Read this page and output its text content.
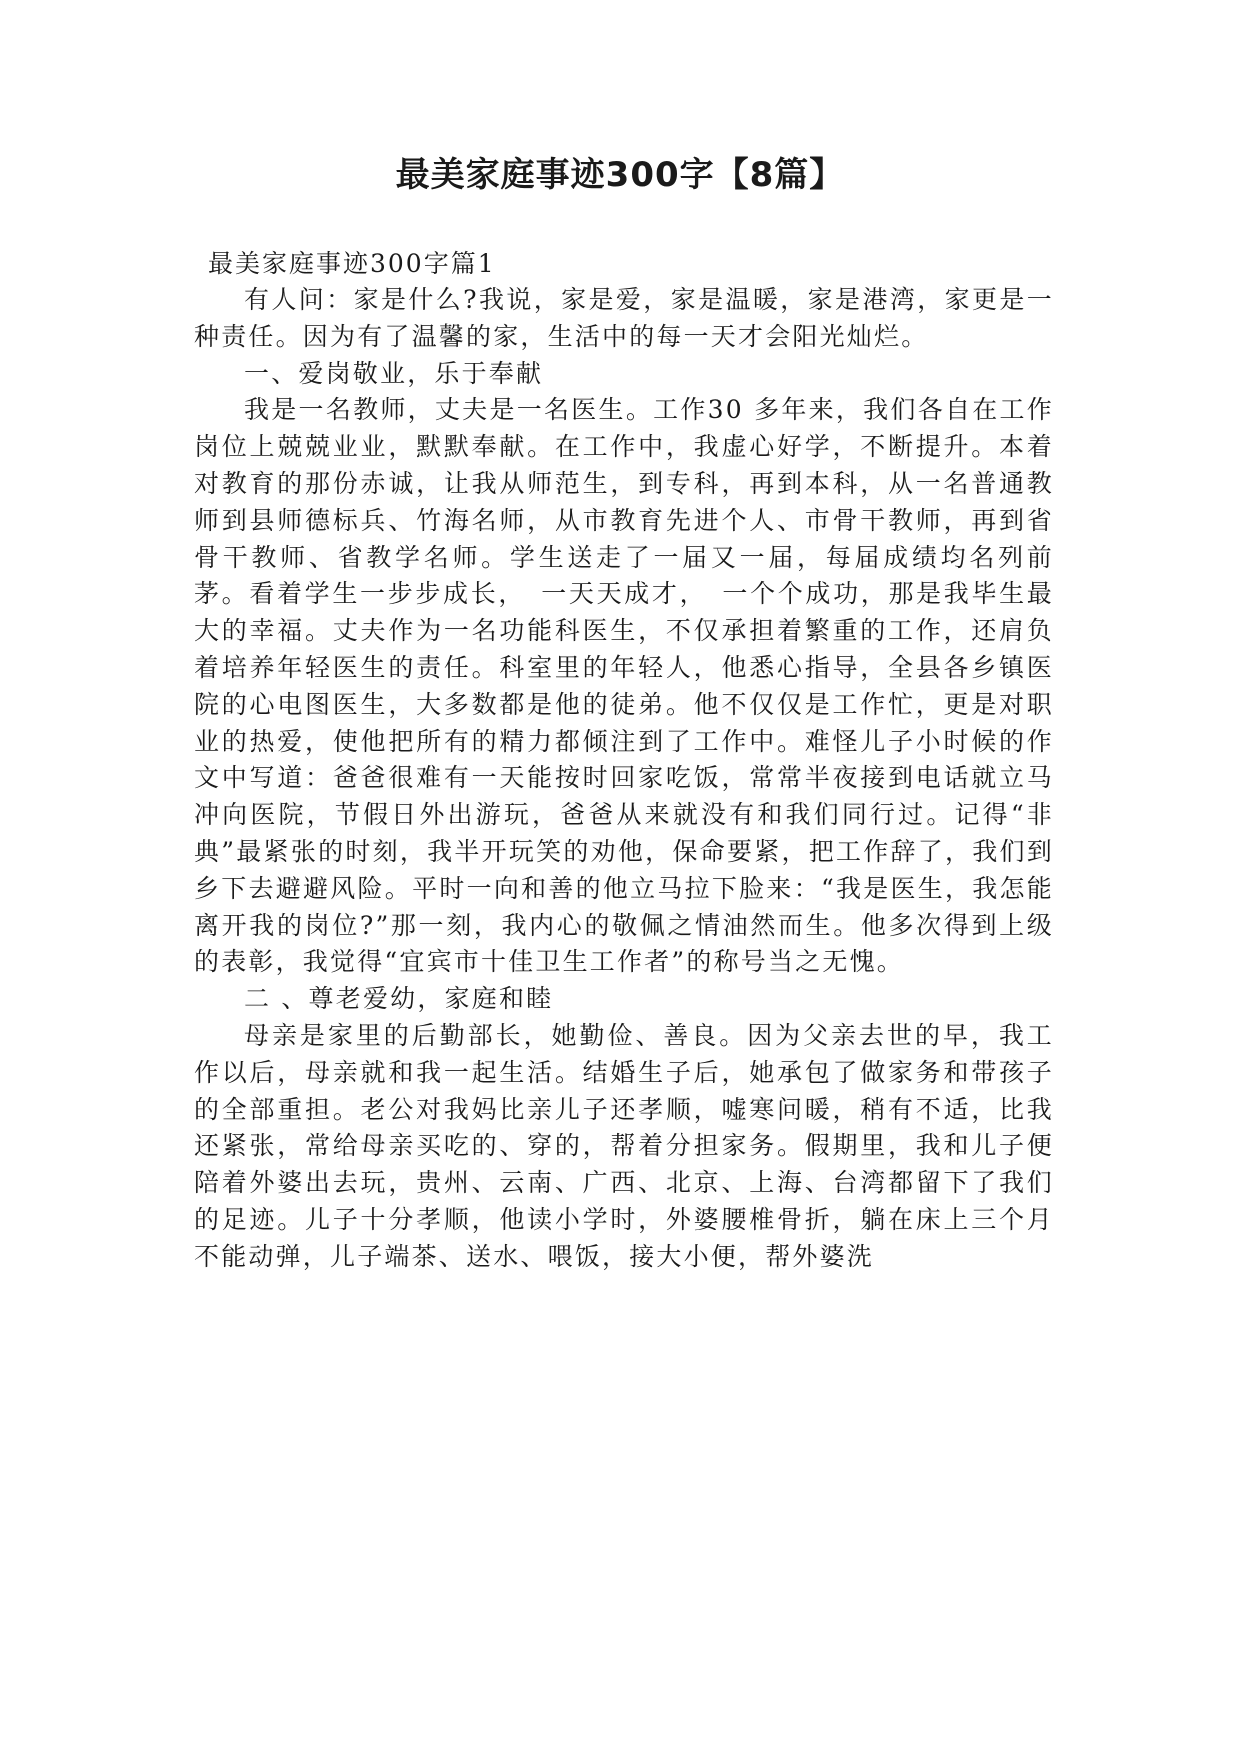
最美家庭事迹300字【8篇】

最美家庭事迹300字篇1

有人问：家是什么?我说，家是爱，家是温暖，家是港湾，家更是一种责任。因为有了温馨的家，生活中的每一天才会阳光灿烂。

一、爱岗敬业，乐于奉献

我是一名教师，丈夫是一名医生。工作30 多年来，我们各自在工作岗位上兢兢业业，默默奉献。在工作中，我虚心好学，不断提升。本着对教育的那份赤诚，让我从师范生，到专科，再到本科，从一名普通教师到县师德标兵、竹海名师，从市教育先进个人、市骨干教师，再到省骨干教师、省教学名师。学生送走了一届又一届，每届成绩均名列前茅。看着学生一步步成长，　一天天成才，　一个个成功，那是我毕生最大的幸福。丈夫作为一名功能科医生，不仅承担着繁重的工作，还肩负着培养年轻医生的责任。科室里的年轻人，他悉心指导，全县各乡镇医院的心电图医生，大多数都是他的徒弟。他不仅仅是工作忙，更是对职业的热爱，使他把所有的精力都倾注到了工作中。难怪儿子小时候的作文中写道：爸爸很难有一天能按时回家吃饭，常常半夜接到电话就立马冲向医院，节假日外出游玩，爸爸从来就没有和我们同行过。记得“非典”最紧张的时刻，我半开玩笑的劝他，保命要紧，把工作辞了，我们到乡下去避避风险。平时一向和善的他立马拉下脸来：“我是医生，我怎能离开我的岗位?”那一刻，我内心的敬佩之情油然而生。他多次得到上级的表彰，我觉得“宜宾市十佳卫生工作者”的称号当之无愧。

二 、尊老爱幼，家庭和睦

母亲是家里的后勤部长，她勤俭、善良。因为父亲去世的早，我工作以后，母亲就和我一起生活。结婚生子后，她承包了做家务和带孩子的全部重担。老公对我妈比亲儿子还孝顺，嘘寒问暖，稍有不适，比我还紧张，常给母亲买吃的、穿的，帮着分担家务。假期里，我和儿子便陪着外婆出去玩，贵州、云南、广西、北京、上海、台湾都留下了我们的足迹。儿子十分孝顺，他读小学时，外婆腰椎骨折，躺在床上三个月不能动弹，儿子端茶、送水、喂饭，接大小便，帮外婆洗
